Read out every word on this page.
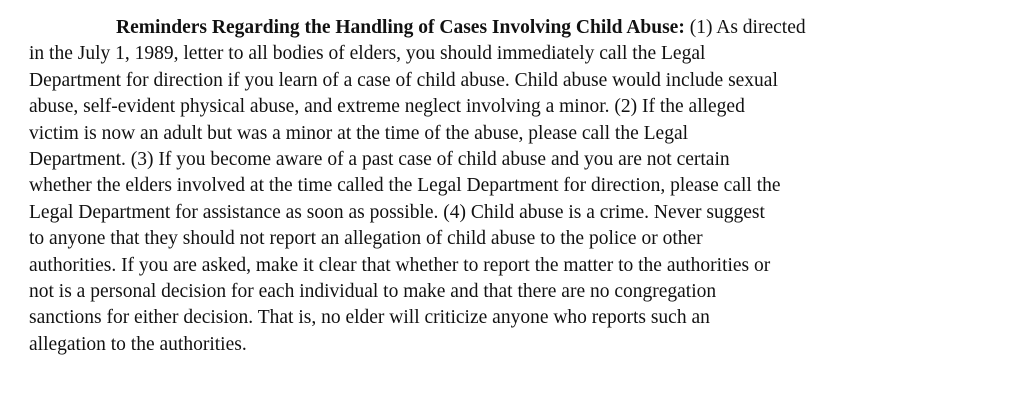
Reminders Regarding the Handling of Cases Involving Child Abuse: (1) As directed
in the July 1, 1989, letter to all bodies of elders, you should immediately call the Legal
Department for direction if you learn of a case of child abuse. Child abuse would include sexual
abuse, self-evident physical abuse, and extreme neglect involving a minor. (2) If the alleged
victim is now an adult but was a minor at the time of the abuse, please call the Legal
Department. (3) If you become aware of a past case of child abuse and you are not certain
whether the elders involved at the time called the Legal Department for direction, please call the
Legal Department for assistance as soon as possible. (4) Child abuse is a crime. Never suggest
to anyone that they should not report an allegation of child abuse to the police or other
authorities. If you are asked, make it clear that whether to report the matter to the authorities or
not is a personal decision for each individual to make and that there are no congregation
sanctions for either decision. That is, no elder will criticize anyone who reports such an
allegation to the authorities.
